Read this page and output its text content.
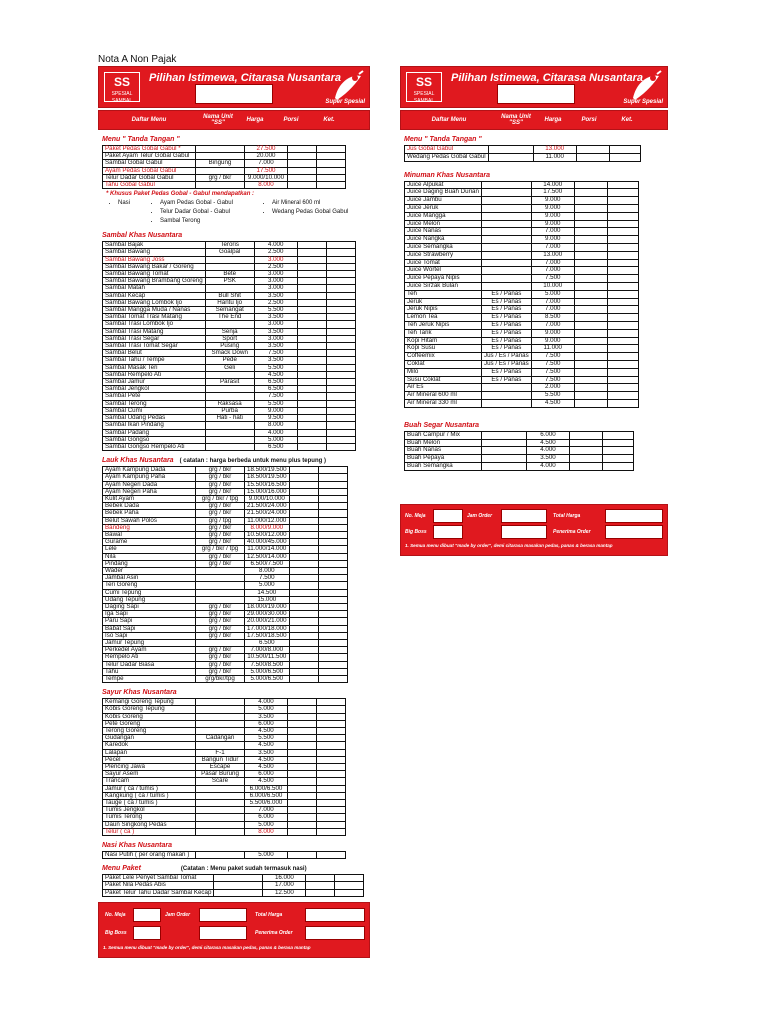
Nota A Non Pajak
SS
SPESIAL SAMBAL
Pilihan Istimewa, Citarasa Nusantara
Super Spesial
Daftar Menu	Nama Unit "SS"	Harga	Porsi	Ket.
Menu " Tanda Tangan "
Paket Pedas Gobal Gabul *		27.500		
Paket Ayam Telur Gobal Gabul		20.000		
Sambal Gobal Gabul	Bingung	7.000		
Ayam Pedas Gobal Gabul		17.500		
Telur Dadar Gobal Gabul	grg / bkr	9.000/10.000		
Tahu Gobal Gabul		8.000		
* Khusus Paket Pedas Gobal - Gabul mendapatkan :
• Nasi	• Ayam Pedas Gobal - Gabul
• Telur Dadar Gobal - Gabul
• Sambal Terong
• Air Mineral 600 ml
• Wedang Pedas Gobal Gabul
Sambal Khas Nusantara
Sambal Bajak	Teroris	4.000		
Sambal Bawang	Goalpal	2.500		
Sambal Bawang Joss		3.000		
Sambal Bawang Bakar / Goreng		2.500		
Sambal Bawang Tomat	Bete	3.000		
Sambal Bawang Brambang Goreng	PSK	3.000		
Sambal Matah		3.000		
Sambal Kecap	Bull Shit	3.500		
Sambal Bawang Lombok Ijo	Hantu Ijo	2.500		
Sambal Mangga Muda / Nanas	Semangat	5.500		
Sambal Tomat Trasi Matang	The End	3.500		
Sambal Trasi Lombok Ijo		3.000		
Sambal Trasi Matang	Senja	3.500		
Sambal Trasi Segar	Sport	3.000		
Sambal Trasi Tomat Segar	Pusing	3.500		
Sambal Belut	Smack Down	7.500		
Sambal Tahu / Tempe	Pede	3.500		
Sambal Masak Teri	Geli	5.500		
Sambal Rempelo Ati		4.500		
Sambal Jamur	Parasit	6.500		
Sambal Jengkol		6.500		
Sambal Pete		7.500		
Sambal Terong	Raksasa	5.500		
Sambal Cumi	Purba	9.000		
Sambal Udang Pedas	Hati - hati	9.500		
Sambal Ikan Pindang		8.000		
Sambal Padang		4.000		
Sambal Gongso		5.000		
Sambal Gongso Rempelo Ati		6.500		
Lauk Khas Nusantara ( catatan : harga berbeda untuk menu plus tepung )
Ayam Kampung Dada	grg / bkr	18.500/19.500		
Ayam Kampung Paha	grg / bkr	18.500/19.500		
Ayam Negeri Dada	grg / bkr	15.500/16.500		
Ayam Negeri Paha	grg / bkr	15.000/16.000		
Kulit Ayam	grg / bkr / tpg	9.000/10.000		
Bebek Dada	grg / bkr	21.500/24.000		
Bebek Paha	grg / bkr	21.500/24.000		
Belut Sawah Polos	grg / tpg	11.000/12.000		
Bandeng	grg / bkr	8.000/9.000		
Bawal	grg / bkr	10.500/12.000		
Gurame	grg / bkr	40.000/45.000		
Lele	grg / bkr / tpg	11.000/14.000		
Nila	grg / bkr	12.500/14.000		
Pindang	grg / bkr	6.500/7.500		
Wader		8.000		
Jambal Asin		7.500		
Teri Goreng		5.000		
Cumi Tepung		14.500		
Udang Tepung		15.000		
Daging Sapi	grg / bkr	18.000/19.000		
Iga Sapi	grg / bkr	29.000/30.000		
Paru Sapi	grg / bkr	20.000/21.000		
Babat Sapi	grg / bkr	17.000/18.000		
Iso Sapi	grg / bkr	17.500/18.500		
Jamur Tepung		6.500		
Perkedel Ayam	grg / bkr	7.000/8.000		
Rempelo Ati	grg / bkr	10.500/11.500		
Telur Dadar Biasa	grg / bkr	7.500/8.500		
Tahu	grg / bkr	5.000/6.500		
Tempe	grg/bkr/tpg	5.000/6.500		
Sayur Khas Nusantara
Kemangi Goreng Tepung		4.000		
Kobis Goreng Tepung		5.000		
Kobis Goreng		3.500		
Pete Goreng		6.000		
Terong Goreng		4.500		
Gudangan	Cadangan	5.500		
Karedok		4.500		
Lalapan	F-1	3.500		
Pecel	Bangun Tidur	4.500		
Plencing Jawa	Escape	4.500		
Sayur Asem	Pasar Burung	6.000		
Trancam	Scare	4.500		
Jamur ( ca / tumis )		6.000/6.500		
Kangkung ( ca / tumis )		6.000/6.500		
Tauge ( ca / tumis )		5.500/6.000		
Tumis Jengkol		7.000		
Tumis Terong		6.000		
Daun Singkong Pedas		5.000		
Telur ( ca )		8.000		
Nasi Khas Nusantara
Nasi Putih ( per orang makan )		5.000		
Menu Paket	(Catatan : Menu paket sudah termasuk nasi)
Paket Lele Penyet Sambal Tomat		16.000		
Paket Nila Pedas Abis		17.000		
Paket Telur Tahu Dadar Sambal Kecap		12.500		
No. Meja	Jam Order	Total Harga
Big Boss	Penerima Order
1. Semua menu dibuat "made by order", demi citarasa masakan pedas, panas & berasa mantap
SS
SPESIAL SAMBAL
Pilihan Istimewa, Citarasa Nusantara
Super Spesial
Daftar Menu	Nama Unit "SS"	Harga	Porsi	Ket.
Menu " Tanda Tangan "
Jus Gobal Gabul		13.000		
Wedang Pedas Gobal Gabul		11.000		
Minuman Khas Nusantara
Juice Alpukat		14.000		
Juice Daging Buah Durian		17.500		
Juice Jambu		9.000		
Juice Jeruk		9.000		
Juice Mangga		9.000		
Juice Melon		9.000		
Juice Nanas		7.000		
Juice Nangka		9.000		
Juice Semangka		7.000		
Juice Strawberry		13.000		
Juice Tomat		7.000		
Juice Wortel		7.000		
Juice Pepaya Nipis		7.500		
Juice Sirzak Bulan		10.000		
Teh	Es / Panas	5.000		
Jeruk	Es / Panas	7.000		
Jeruk Nipis	Es / Panas	7.000		
Lemon Tea	Es / Panas	8.500		
Teh Jeruk Nipis	Es / Panas	7.000		
Teh Tarik	Es / Panas	9.000		
Kopi Hitam	Es / Panas	9.000		
Kopi Susu	Es / Panas	11.000		
Coffeemix	Jus / Es / Panas	7.500		
Coklat	Jus / Es / Panas	7.500		
Milo	Es / Panas	7.500		
Susu Coklat	Es / Panas	7.500		
Air Es		2.000		
Air Mineral 600 ml		5.500		
Air Mineral 330 ml		4.500		
Buah Segar Nusantara
Buah Campur / Mix		6.000		
Buah Melon		4.500		
Buah Nanas		4.000		
Buah Pepaya		3.500		
Buah Semangka		4.000		
No. Meja	Jam Order	Total Harga
Big Boss	Penerima Order
1. Semua menu dibuat "made by order", demi citarasa masakan pedas, panas & berasa mantap
